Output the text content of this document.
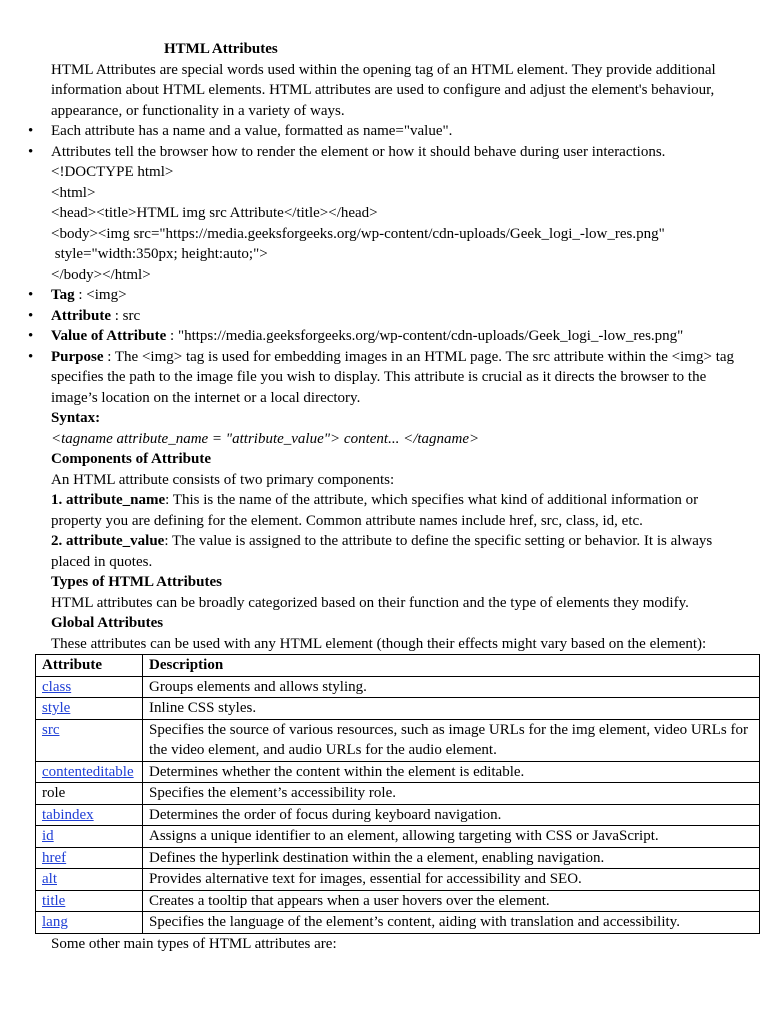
HTML Attributes
HTML Attributes are special words used within the opening tag of an HTML element. They provide additional information about HTML elements. HTML attributes are used to configure and adjust the element's behaviour, appearance, or functionality in a variety of ways.
• Each attribute has a name and a value, formatted as name="value".
• Attributes tell the browser how to render the element or how it should behave during user interactions.
<!DOCTYPE html>
<html>
<head><title>HTML img src Attribute</title></head>
<body><img src="https://media.geeksforgeeks.org/wp-content/cdn-uploads/Geek_logi_-low_res.png"
style="width:350px; height:auto;">
</body></html>
• Tag : <img>
• Attribute : src
• Value of Attribute : "https://media.geeksforgeeks.org/wp-content/cdn-uploads/Geek_logi_-low_res.png"
• Purpose : The <img> tag is used for embedding images in an HTML page. The src attribute within the <img> tag specifies the path to the image file you wish to display. This attribute is crucial as it directs the browser to the image’s location on the internet or a local directory.
Syntax:
<tagname attribute_name = "attribute_value"> content... </tagname>
Components of Attribute
An HTML attribute consists of two primary components:
1. attribute_name: This is the name of the attribute, which specifies what kind of additional information or property you are defining for the element. Common attribute names include href, src, class, id, etc.
2. attribute_value: The value is assigned to the attribute to define the specific setting or behavior. It is always placed in quotes.
Types of HTML Attributes
HTML attributes can be broadly categorized based on their function and the type of elements they modify.
Global Attributes
These attributes can be used with any HTML element (though their effects might vary based on the element):
Attribute	Description
class	Groups elements and allows styling.
style	Inline CSS styles.
src	Specifies the source of various resources, such as image URLs for the img element, video URLs for the video element, and audio URLs for the audio element.
contenteditable	Determines whether the content within the element is editable.
role	Specifies the element’s accessibility role.
tabindex	Determines the order of focus during keyboard navigation.
id	Assigns a unique identifier to an element, allowing targeting with CSS or JavaScript.
href	Defines the hyperlink destination within the a element, enabling navigation.
alt	Provides alternative text for images, essential for accessibility and SEO.
title	Creates a tooltip that appears when a user hovers over the element.
lang	Specifies the language of the element’s content, aiding with translation and accessibility.
Some other main types of HTML attributes are:
